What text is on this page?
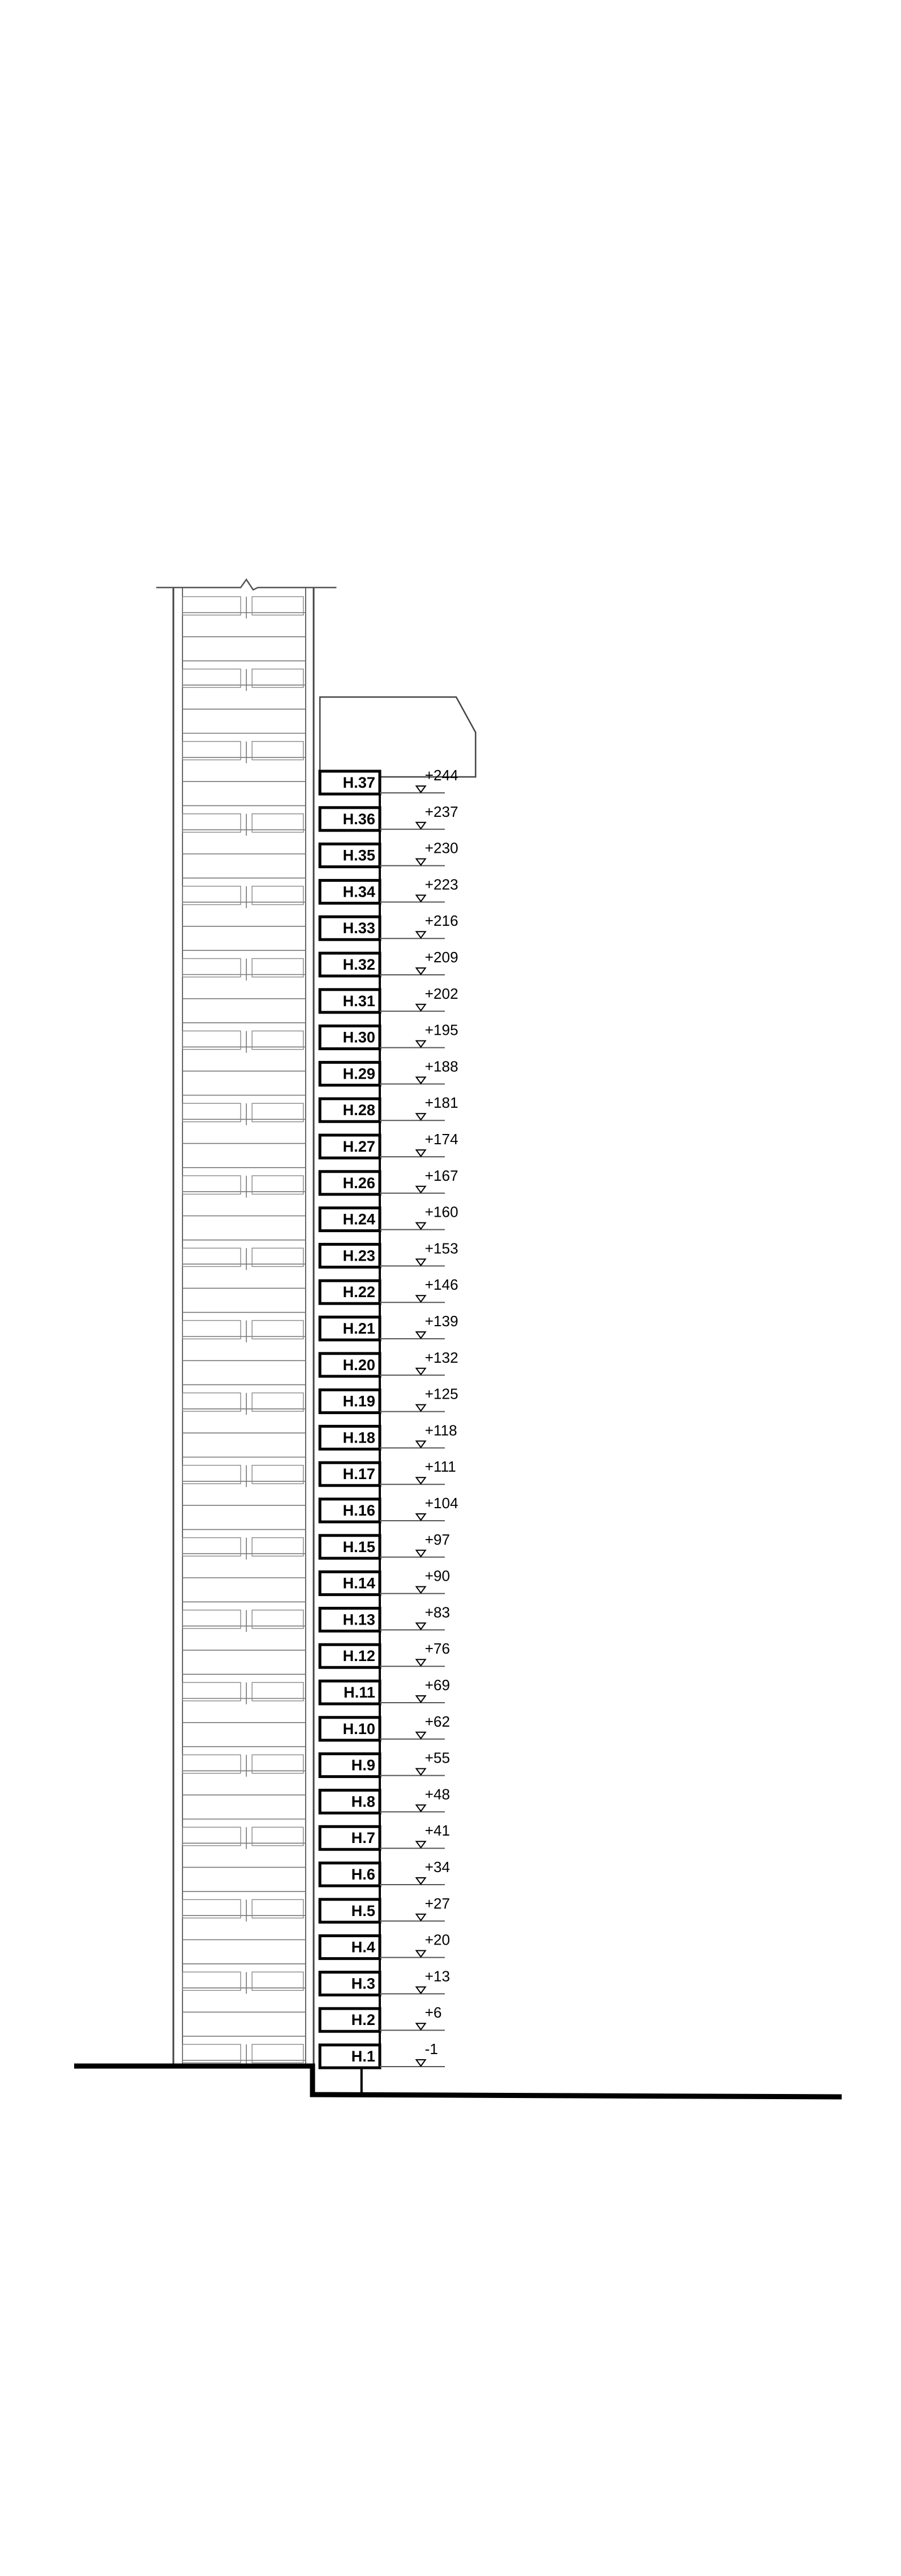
H.1	-1
H.2	+6
H.3	+13
H.4	+20
H.5	+27
H.6	+34
H.7	+41
H.8	+48
H.9	+55
H.10	+62
H.11	+69
H.12	+76
H.13	+83
H.14	+90
H.15	+97
H.16	+104
H.17	+111
H.18	+118
H.19	+125
H.20	+132
H.21	+139
H.22	+146
H.23	+153
H.24	+160
H.26	+167
H.27	+174
H.28	+181
H.29	+188
H.30	+195
H.31	+202
H.32	+209
H.33	+216
H.34	+223
H.35	+230
H.36	+237
H.37	+244
